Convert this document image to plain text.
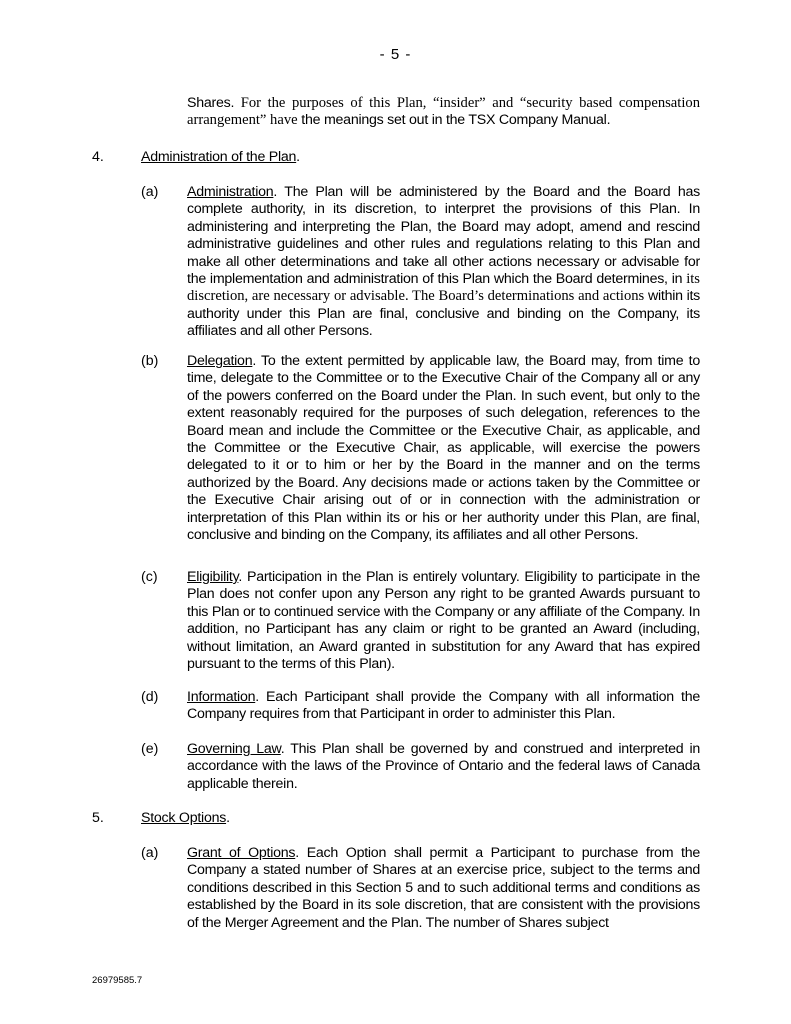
- 5 -
Shares. For the purposes of this Plan, “insider” and “security based compensation arrangement” have the meanings set out in the TSX Company Manual.
4.	Administration of the Plan.
(a) Administration. The Plan will be administered by the Board and the Board has complete authority, in its discretion, to interpret the provisions of this Plan. In administering and interpreting the Plan, the Board may adopt, amend and rescind administrative guidelines and other rules and regulations relating to this Plan and make all other determinations and take all other actions necessary or advisable for the implementation and administration of this Plan which the Board determines, in its discretion, are necessary or advisable. The Board’s determinations and actions within its authority under this Plan are final, conclusive and binding on the Company, its affiliates and all other Persons.
(b) Delegation. To the extent permitted by applicable law, the Board may, from time to time, delegate to the Committee or to the Executive Chair of the Company all or any of the powers conferred on the Board under the Plan. In such event, but only to the extent reasonably required for the purposes of such delegation, references to the Board mean and include the Committee or the Executive Chair, as applicable, and the Committee or the Executive Chair, as applicable, will exercise the powers delegated to it or to him or her by the Board in the manner and on the terms authorized by the Board. Any decisions made or actions taken by the Committee or the Executive Chair arising out of or in connection with the administration or interpretation of this Plan within its or his or her authority under this Plan, are final, conclusive and binding on the Company, its affiliates and all other Persons.
(c) Eligibility. Participation in the Plan is entirely voluntary. Eligibility to participate in the Plan does not confer upon any Person any right to be granted Awards pursuant to this Plan or to continued service with the Company or any affiliate of the Company. In addition, no Participant has any claim or right to be granted an Award (including, without limitation, an Award granted in substitution for any Award that has expired pursuant to the terms of this Plan).
(d) Information. Each Participant shall provide the Company with all information the Company requires from that Participant in order to administer this Plan.
(e) Governing Law. This Plan shall be governed by and construed and interpreted in accordance with the laws of the Province of Ontario and the federal laws of Canada applicable therein.
5.	Stock Options.
(a) Grant of Options. Each Option shall permit a Participant to purchase from the Company a stated number of Shares at an exercise price, subject to the terms and conditions described in this Section 5 and to such additional terms and conditions as established by the Board in its sole discretion, that are consistent with the provisions of the Merger Agreement and the Plan. The number of Shares subject
26979585.7
